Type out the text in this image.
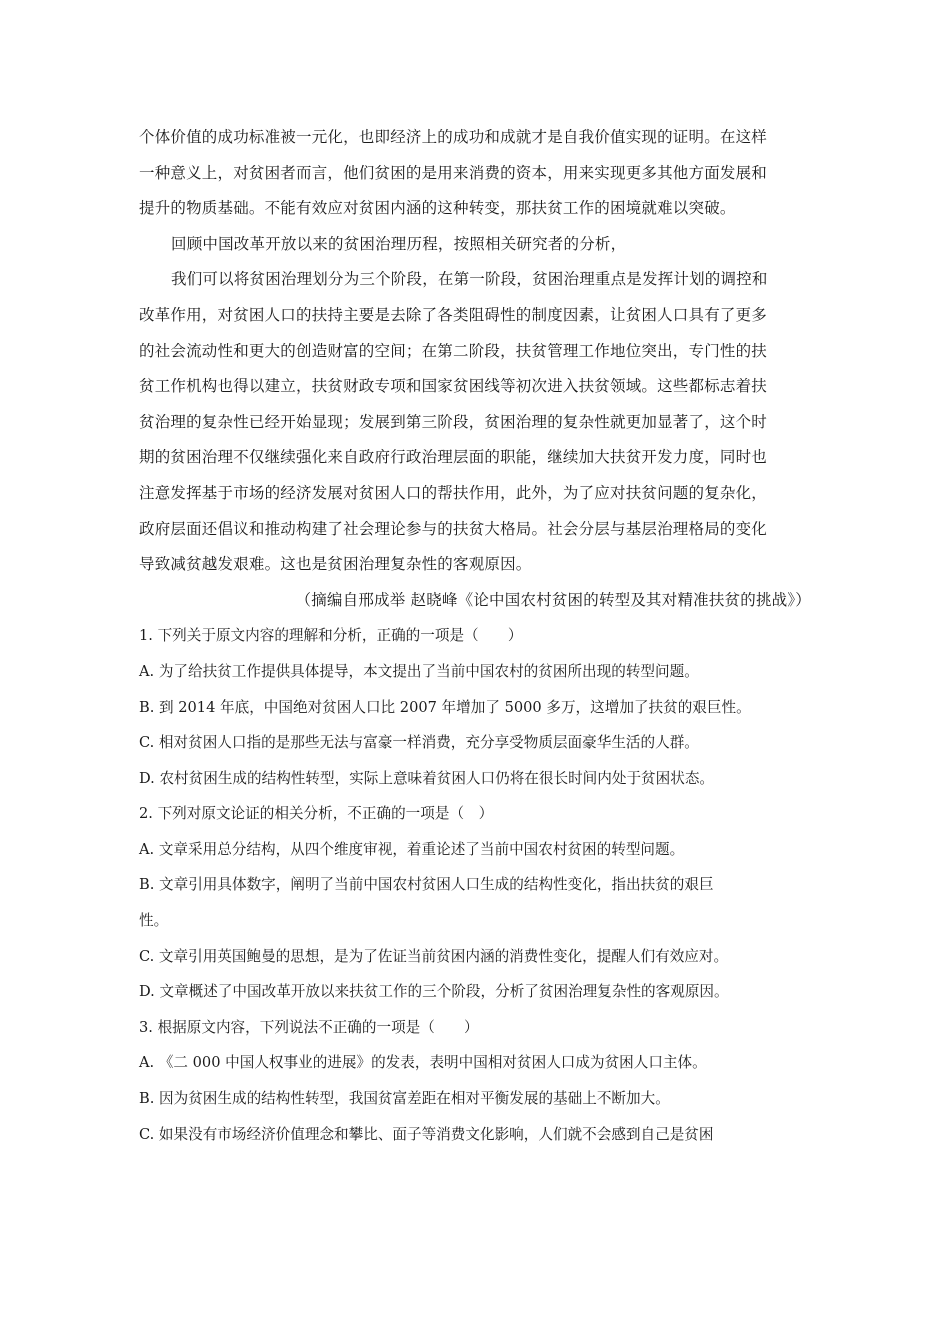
个体价值的成功标准被一元化，也即经济上的成功和成就才是自我价值实现的证明。在这样
一种意义上，对贫困者而言，他们贫困的是用来消费的资本，用来实现更多其他方面发展和
提升的物质基础。不能有效应对贫困内涵的这种转变，那扶贫工作的困境就难以突破。
回顾中国改革开放以来的贫困治理历程，按照相关研究者的分析，
我们可以将贫困治理划分为三个阶段，在第一阶段，贫困治理重点是发挥计划的调控和
改革作用，对贫困人口的扶持主要是去除了各类阻碍性的制度因素，让贫困人口具有了更多
的社会流动性和更大的创造财富的空间；在第二阶段，扶贫管理工作地位突出，专门性的扶
贫工作机构也得以建立，扶贫财政专项和国家贫困线等初次进入扶贫领域。这些都标志着扶
贫治理的复杂性已经开始显现；发展到第三阶段，贫困治理的复杂性就更加显著了，这个时
期的贫困治理不仅继续强化来自政府行政治理层面的职能，继续加大扶贫开发力度，同时也
注意发挥基于市场的经济发展对贫困人口的帮扶作用，此外，为了应对扶贫问题的复杂化，
政府层面还倡议和推动构建了社会理论参与的扶贫大格局。社会分层与基层治理格局的变化
导致减贫越发艰难。这也是贫困治理复杂性的客观原因。
（摘编自邢成举 赵晓峰《论中国农村贫困的转型及其对精准扶贫的挑战》）
1. 下列关于原文内容的理解和分析，正确的一项是（　　）
A. 为了给扶贫工作提供具体提导，本文提出了当前中国农村的贫困所出现的转型问题。
B. 到 2014 年底，中国绝对贫困人口比 2007 年增加了 5000 多万，这增加了扶贫的艰巨性。
C. 相对贫困人口指的是那些无法与富豪一样消费，充分享受物质层面豪华生活的人群。
D. 农村贫困生成的结构性转型，实际上意味着贫困人口仍将在很长时间内处于贫困状态。
2. 下列对原文论证的相关分析，不正确的一项是（　）
A. 文章采用总分结构，从四个维度审视，着重论述了当前中国农村贫困的转型问题。
B. 文章引用具体数字，阐明了当前中国农村贫困人口生成的结构性变化，指出扶贫的艰巨
性。
C. 文章引用英国鲍曼的思想，是为了佐证当前贫困内涵的消费性变化，提醒人们有效应对。
D. 文章概述了中国改革开放以来扶贫工作的三个阶段，分析了贫困治理复杂性的客观原因。
3. 根据原文内容，下列说法不正确的一项是（　　）
A. 《二 000 中国人权事业的进展》的发表，表明中国相对贫困人口成为贫困人口主体。
B. 因为贫困生成的结构性转型，我国贫富差距在相对平衡发展的基础上不断加大。
C. 如果没有市场经济价值理念和攀比、面子等消费文化影响，人们就不会感到自己是贫困
